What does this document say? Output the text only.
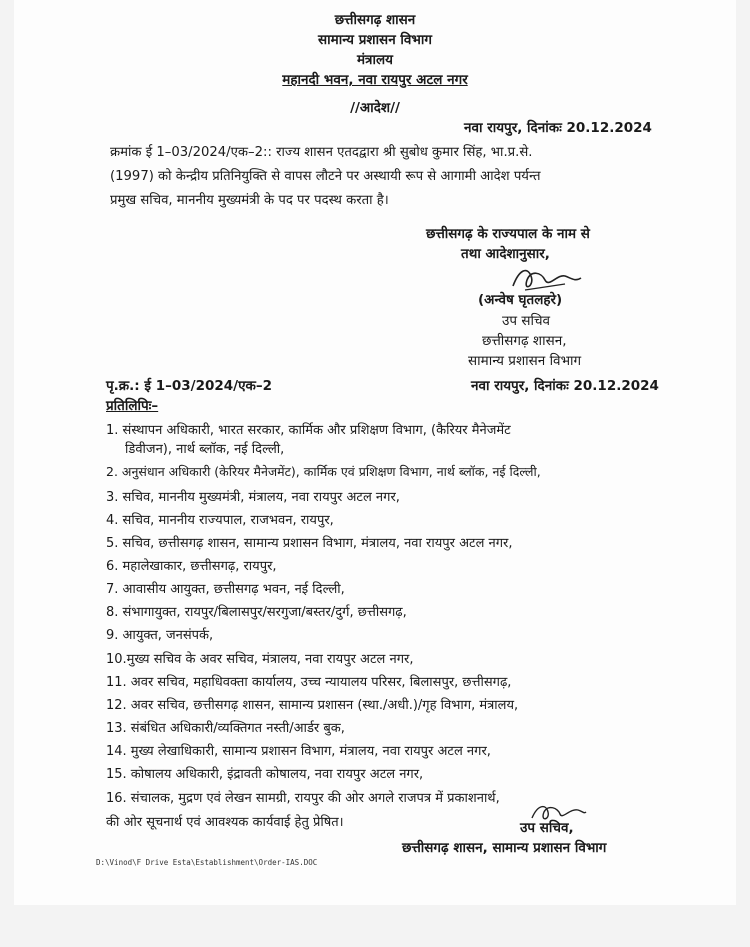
छत्तीसगढ़ शासन
सामान्य प्रशासन विभाग
मंत्रालय
महानदी भवन, नवा रायपुर अटल नगर
//आदेश//
नवा रायपुर, दिनांकः 20.12.2024
क्रमांक ई 1–03/2024/एक–2:: राज्य शासन एतदद्वारा श्री सुबोध कुमार सिंह, भा.प्र.से.
(1997) को केन्द्रीय प्रतिनियुक्ति से वापस लौटने पर अस्थायी रूप से आगामी आदेश पर्यन्त
प्रमुख सचिव, माननीय मुख्यमंत्री के पद पर पदस्थ करता है।
छत्तीसगढ़ के राज्यपाल के नाम से
तथा आदेशानुसार,
(अन्वेष घृतलहरे)
उप सचिव
छत्तीसगढ़ शासन,
सामान्य प्रशासन विभाग
पृ.क्र.: ई 1–03/2024/एक–2	नवा रायपुर, दिनांकः 20.12.2024
प्रतिलिपिः–
1. संस्थापन अधिकारी, भारत सरकार, कार्मिक और प्रशिक्षण विभाग, (कैरियर मैनेजमेंट
डिवीजन), नार्थ ब्लॉक, नई दिल्ली,
2. अनुसंधान अधिकारी (केरियर मैनेजमेंट), कार्मिक एवं प्रशिक्षण विभाग, नार्थ ब्लॉक, नई दिल्ली,
3. सचिव, माननीय मुख्यमंत्री, मंत्रालय, नवा रायपुर अटल नगर,
4. सचिव, माननीय राज्यपाल, राजभवन, रायपुर,
5. सचिव, छत्तीसगढ़ शासन, सामान्य प्रशासन विभाग, मंत्रालय, नवा रायपुर अटल नगर,
6. महालेखाकार, छत्तीसगढ़, रायपुर,
7. आवासीय आयुक्त, छत्तीसगढ़ भवन, नई दिल्ली,
8. संभागायुक्त, रायपुर/बिलासपुर/सरगुजा/बस्तर/दुर्ग, छत्तीसगढ़,
9. आयुक्त, जनसंपर्क,
10.मुख्य सचिव के अवर सचिव, मंत्रालय, नवा रायपुर अटल नगर,
11. अवर सचिव, महाधिवक्ता कार्यालय, उच्च न्यायालय परिसर, बिलासपुर, छत्तीसगढ़,
12. अवर सचिव, छत्तीसगढ़ शासन, सामान्य प्रशासन (स्था./अधी.)/गृह विभाग, मंत्रालय,
13. संबंधित अधिकारी/व्यक्तिगत नस्ती/आर्डर बुक,
14. मुख्य लेखाधिकारी, सामान्य प्रशासन विभाग, मंत्रालय, नवा रायपुर अटल नगर,
15. कोषालय अधिकारी, इंद्रावती कोषालय, नवा रायपुर अटल नगर,
16. संचालक, मुद्रण एवं लेखन सामग्री, रायपुर की ओर अगले राजपत्र में प्रकाशनार्थ,
की ओर सूचनार्थ एवं आवश्यक कार्यवाई हेतु प्रेषित।	उप सचिव,
छत्तीसगढ़ शासन, सामान्य प्रशासन विभाग
D:\Vinod\F Drive Esta\Establishment\Order-IAS.DOC
